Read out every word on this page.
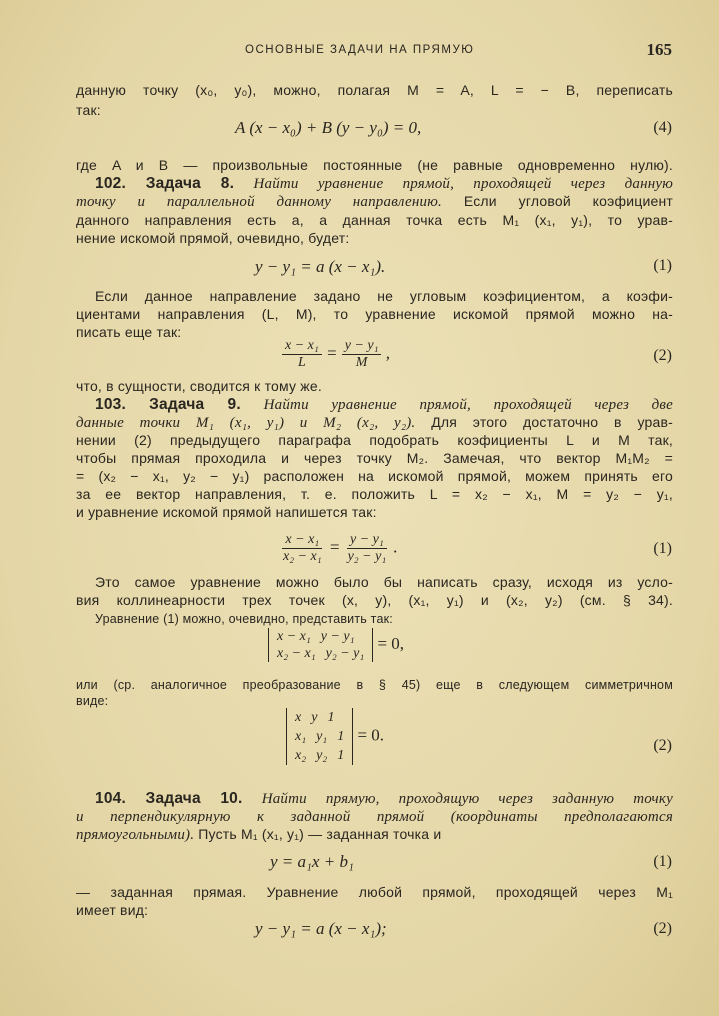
ОСНОВНЫЕ ЗАДАЧИ НА ПРЯМУЮ	165
данную точку (x₀, y₀), можно, полагая M = A, L = − B, переписать
так:
A (x − x₀) + B (y − y₀) = 0,	(4)
где A и B — произвольные постоянные (не равные одновременно нулю).
102. Задача 8. Найти уравнение прямой, проходящей через данную
точку и параллельной данному направлению. Если угловой коэфициент
данного направления есть a, а данная точка есть M₁ (x₁, y₁), то урав-
нение искомой прямой, очевидно, будет:
y − y₁ = a (x − x₁).	(1)
Если данное направление задано не угловым коэфициентом, а коэфи-
циентами направления (L, M), то уравнение искомой прямой можно на-
писать еще так:
$\frac{\text{x − x₁}}{L} = \frac{\text{y − y₁}}{M}$ ,	(2)
что, в сущности, сводится к тому же.
103. Задача 9. Найти уравнение прямой, проходящей через две
данные точки M₁ (x₁, y₁) и M₂ (x₂, y₂). Для этого достаточно в урав-
нении (2) предыдущего параграфа подобрать коэфициенты L и M так,
чтобы прямая проходила и через точку M₂. Замечая, что вектор M₁M₂ =
= (x₂ − x₁, y₂ − y₁) расположен на искомой прямой, можем принять его
за ее вектор направления, т. е. положить L = x₂ − x₁, M = y₂ − y₁,
и уравнение искомой прямой напишется так:
$\frac{\text{x − x₁}}{\text{x₂ − x₁}} = \frac{\text{y − y₁}}{\text{y₂ − y₁}}$ .	(1)
Это самое уравнение можно было бы написать сразу, исходя из усло-
вия коллинеарности трех точек (x, y), (x₁, y₁) и (x₂, y₂) (см. § 34).
Уравнение (1) можно, очевидно, представить так:
x − x₁ y − y₁
x₂ − x₁ y₂ − y₁
= 0,
или (ср. аналогичное преобразование в § 45) еще в следующем симметричном
виде:
x y 1
x₁ y₁ 1
x₂ y₂ 1
= 0.
(2)
104. Задача 10. Найти прямую, проходящую через заданную точку
и перпендикулярную к заданной прямой (координаты предполагаются
прямоугольными). Пусть M₁ (x₁, y₁) — заданная точка и
y = a₁x + b₁	(1)
— заданная прямая. Уравнение любой прямой, проходящей через M₁
имеет вид:
y − y₁ = a (x − x₁);	(2)
